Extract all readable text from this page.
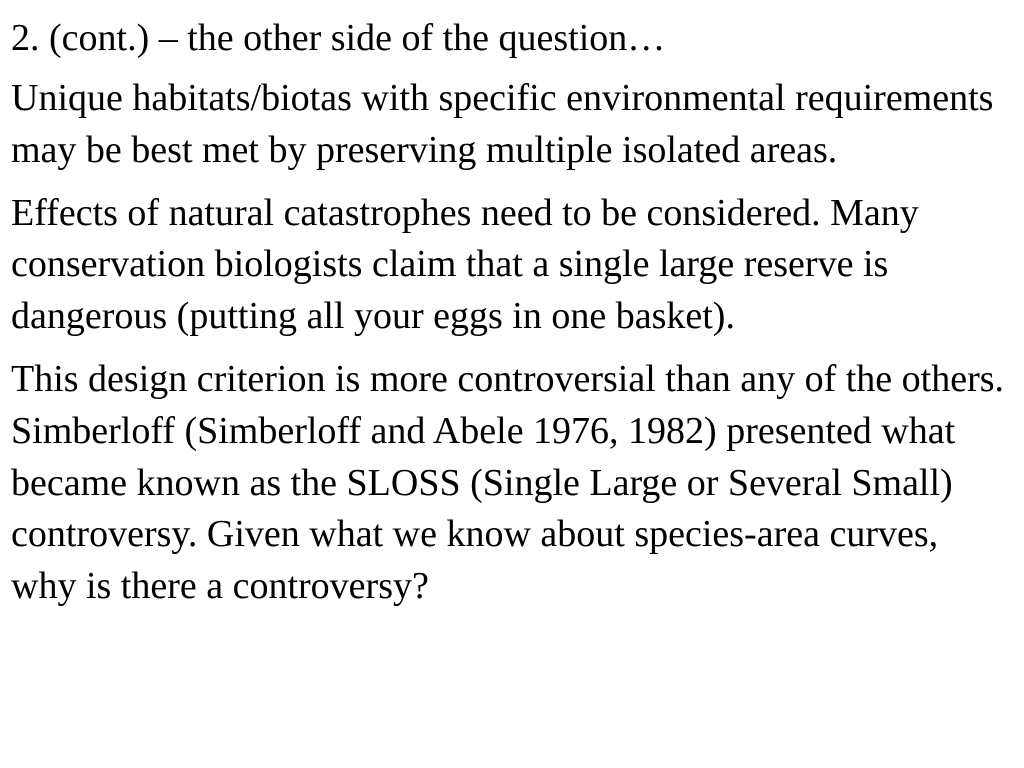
2. (cont.) – the other side of the question…

Unique habitats/biotas with specific environmental requirements may be best met by preserving multiple isolated areas.

Effects of natural catastrophes need to be considered. Many conservation biologists claim that a single large reserve is dangerous (putting all your eggs in one basket).

This design criterion is more controversial than any of the others. Simberloff (Simberloff and Abele 1976, 1982) presented what became known as the SLOSS (Single Large or Several Small) controversy. Given what we know about species-area curves, why is there a controversy?
